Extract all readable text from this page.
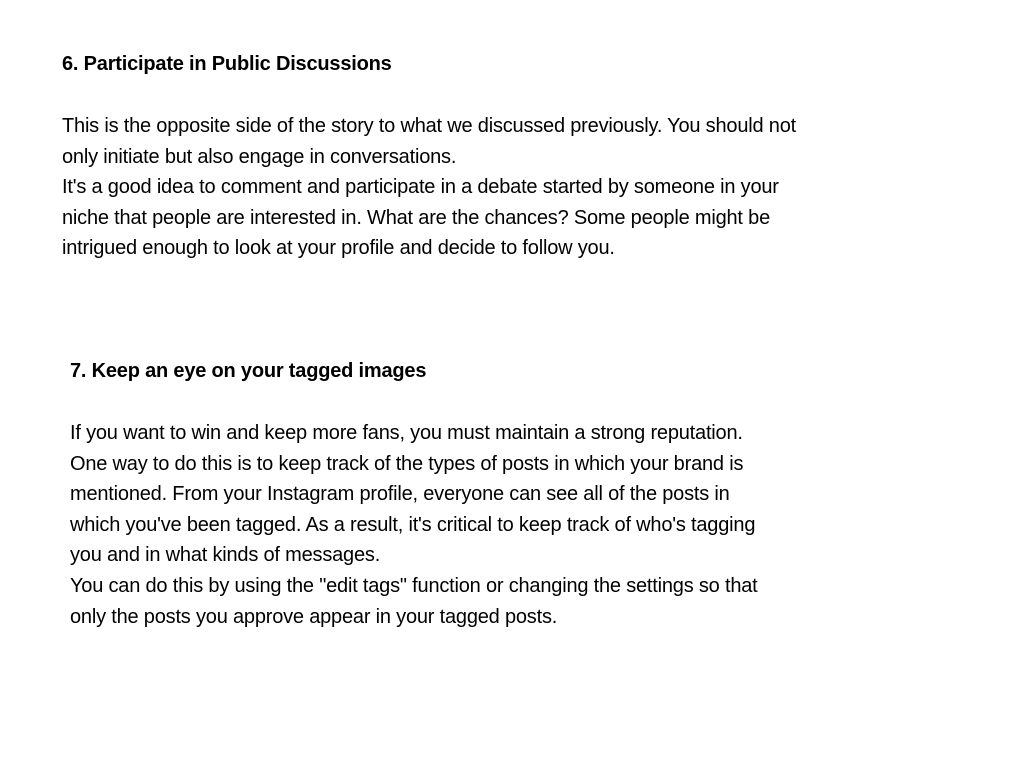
6. Participate in Public Discussions

This is the opposite side of the story to what we discussed previously. You should not

only initiate but also engage in conversations.

It's a good idea to comment and participate in a debate started by someone in your

niche that people are interested in. What are the chances? Some people might be

intrigued enough to look at your profile and decide to follow you.

7. Keep an eye on your tagged images

If you want to win and keep more fans, you must maintain a strong reputation.

One way to do this is to keep track of the types of posts in which your brand is

mentioned. From your Instagram profile, everyone can see all of the posts in

which you've been tagged. As a result, it's critical to keep track of who's tagging

you and in what kinds of messages.

You can do this by using the "edit tags" function or changing the settings so that

only the posts you approve appear in your tagged posts.
